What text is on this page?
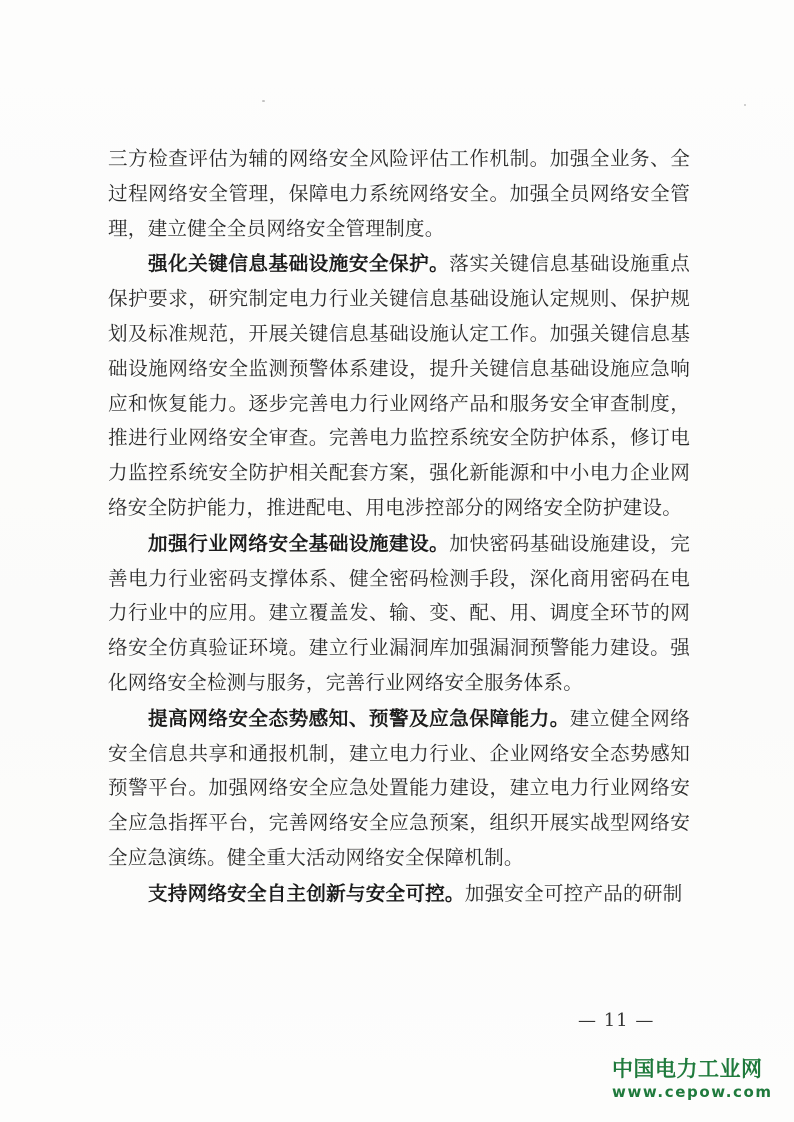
三方检查评估为辅的网络安全风险评估工作机制。加强全业务、全过程网络安全管理，保障电力系统网络安全。加强全员网络安全管理，建立健全全员网络安全管理制度。

强化关键信息基础设施安全保护。落实关键信息基础设施重点保护要求，研究制定电力行业关键信息基础设施认定规则、保护规划及标准规范，开展关键信息基础设施认定工作。加强关键信息基础设施网络安全监测预警体系建设，提升关键信息基础设施应急响应和恢复能力。逐步完善电力行业网络产品和服务安全审查制度，推进行业网络安全审查。完善电力监控系统安全防护体系，修订电力监控系统安全防护相关配套方案，强化新能源和中小电力企业网络安全防护能力，推进配电、用电涉控部分的网络安全防护建设。

加强行业网络安全基础设施建设。加快密码基础设施建设，完善电力行业密码支撑体系、健全密码检测手段，深化商用密码在电力行业中的应用。建立覆盖发、输、变、配、用、调度全环节的网络安全仿真验证环境。建立行业漏洞库加强漏洞预警能力建设。强化网络安全检测与服务，完善行业网络安全服务体系。

提高网络安全态势感知、预警及应急保障能力。建立健全网络安全信息共享和通报机制，建立电力行业、企业网络安全态势感知预警平台。加强网络安全应急处置能力建设，建立电力行业网络安全应急指挥平台，完善网络安全应急预案，组织开展实战型网络安全应急演练。健全重大活动网络安全保障机制。

支持网络安全自主创新与安全可控。加强安全可控产品的研制

— 11 —
中国电力工业网
www.cepow.com
